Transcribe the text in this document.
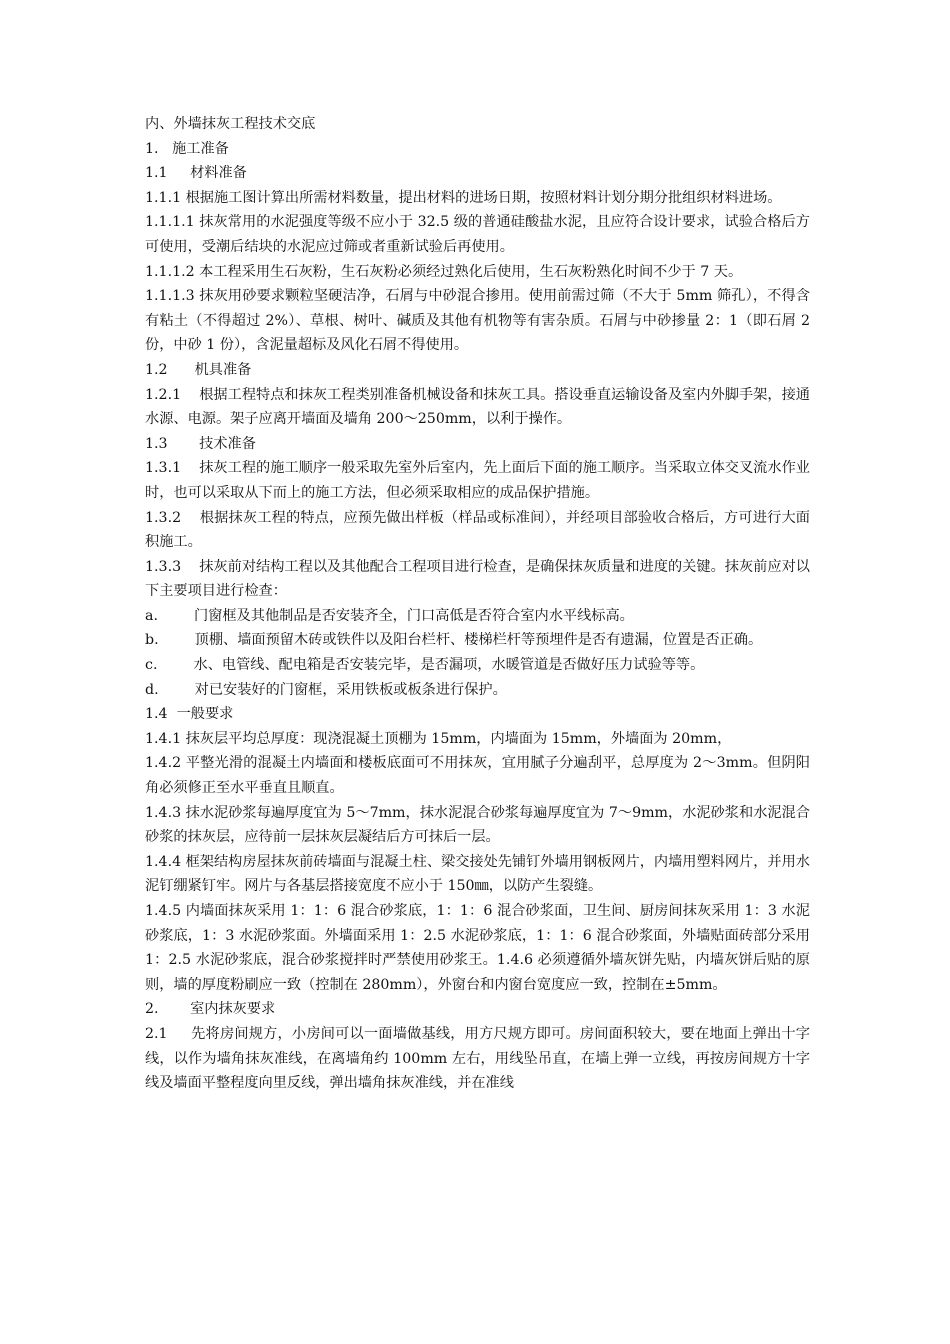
内、外墙抹灰工程技术交底

1.   施工准备

1.1     材料准备

1.1.1 根据施工图计算出所需材料数量，提出材料的进场日期，按照材料计划分期分批组织材料进场。

1.1.1.1 抹灰常用的水泥强度等级不应小于 32.5 级的普通硅酸盐水泥，且应符合设计要求，试验合格后方可使用，受潮后结块的水泥应过筛或者重新试验后再使用。

1.1.1.2 本工程采用生石灰粉，生石灰粉必须经过熟化后使用，生石灰粉熟化时间不少于 7 天。

1.1.1.3 抹灰用砂要求颗粒坚硬洁净，石屑与中砂混合掺用。使用前需过筛（不大于 5mm 筛孔），不得含有粘土（不得超过 2%）、草根、树叶、碱质及其他有机物等有害杂质。石屑与中砂掺量 2：1（即石屑 2 份，中砂 1 份），含泥量超标及风化石屑不得使用。

1.2      机具准备

1.2.1    根据工程特点和抹灰工程类别准备机械设备和抹灰工具。搭设垂直运输设备及室内外脚手架，接通水源、电源。架子应离开墙面及墙角 200～250mm，以利于操作。

1.3       技术准备

1.3.1    抹灰工程的施工顺序一般采取先室外后室内，先上面后下面的施工顺序。当采取立体交叉流水作业时，也可以采取从下而上的施工方法，但必须采取相应的成品保护措施。

1.3.2    根据抹灰工程的特点，应预先做出样板（样品或标准间），并经项目部验收合格后，方可进行大面积施工。

1.3.3    抹灰前对结构工程以及其他配合工程项目进行检查，是确保抹灰质量和进度的关键。抹灰前应对以下主要项目进行检查：

a.        门窗框及其他制品是否安装齐全，门口高低是否符合室内水平线标高。

b.        顶棚、墙面预留木砖或铁件以及阳台栏杆、楼梯栏杆等预埋件是否有遗漏，位置是否正确。

c.        水、电管线、配电箱是否安装完毕，是否漏项，水暖管道是否做好压力试验等等。

d.        对已安装好的门窗框，采用铁板或板条进行保护。

1.4  一般要求

1.4.1 抹灰层平均总厚度：现浇混凝土顶棚为 15mm，内墙面为 15mm，外墙面为 20mm，

1.4.2 平整光滑的混凝土内墙面和楼板底面可不用抹灰，宜用腻子分遍刮平，总厚度为 2～3mm。但阴阳角必须修正至水平垂直且顺直。

1.4.3 抹水泥砂浆每遍厚度宜为 5～7mm，抹水泥混合砂浆每遍厚度宜为 7～9mm，水泥砂浆和水泥混合砂浆的抹灰层，应待前一层抹灰层凝结后方可抹后一层。

1.4.4 框架结构房屋抹灰前砖墙面与混凝土柱、梁交接处先铺钉外墙用钢板网片，内墙用塑料网片，并用水泥钉绷紧钉牢。网片与各基层搭接宽度不应小于 150㎜，以防产生裂缝。

1.4.5 内墙面抹灰采用 1：1：6 混合砂浆底，1：1：6 混合砂浆面，卫生间、厨房间抹灰采用 1：3 水泥砂浆底，1：3 水泥砂浆面。外墙面采用 1：2.5 水泥砂浆底，1：1：6 混合砂浆面，外墙贴面砖部分采用 1：2.5 水泥砂浆底，混合砂浆搅拌时严禁使用砂浆王。1.4.6 必须遵循外墙灰饼先贴，内墙灰饼后贴的原则，墙的厚度粉刷应一致（控制在 280mm），外窗台和内窗台宽度应一致，控制在±5mm。

2.       室内抹灰要求

2.1     先将房间规方，小房间可以一面墙做基线，用方尺规方即可。房间面积较大，要在地面上弹出十字线，以作为墙角抹灰准线，在离墙角约 100mm 左右，用线坠吊直，在墙上弹一立线，再按房间规方十字线及墙面平整程度向里反线，弹出墙角抹灰准线，并在准线
